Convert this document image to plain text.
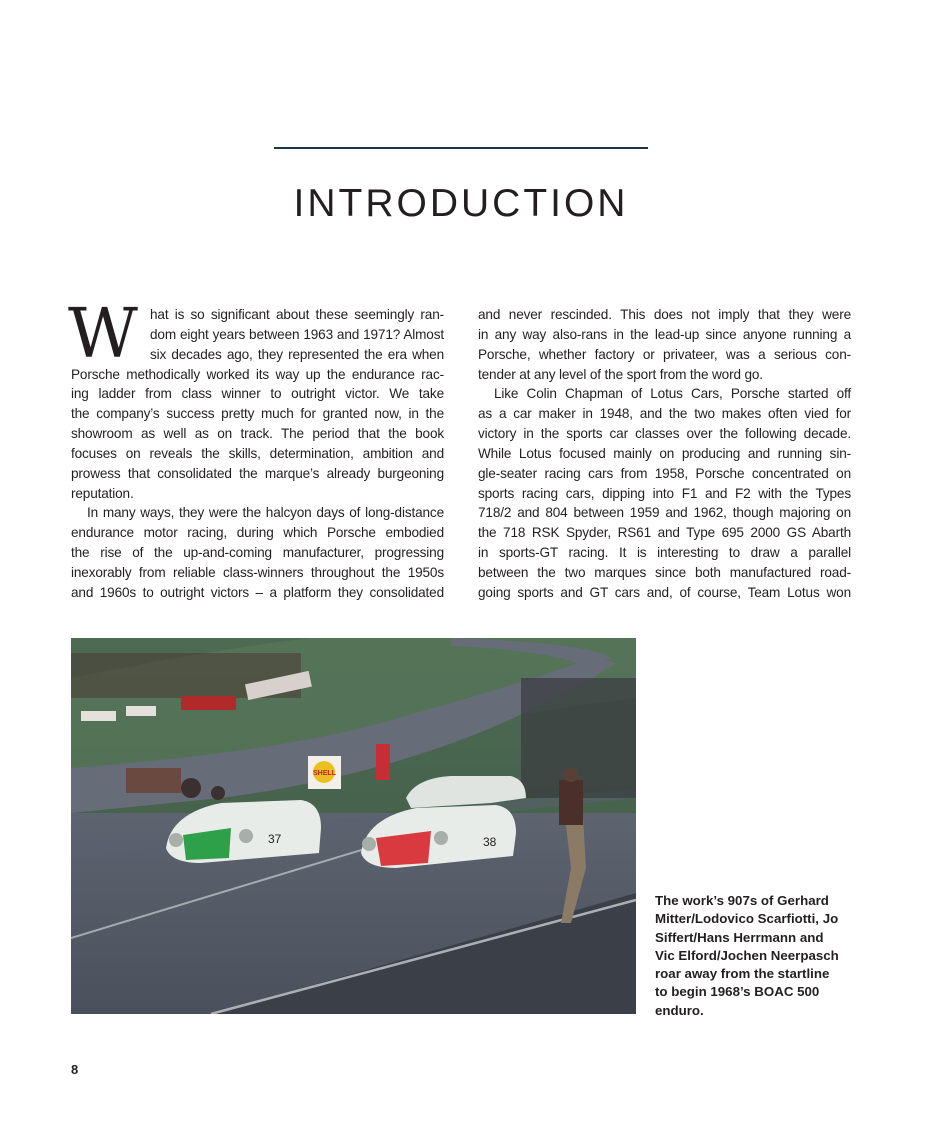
INTRODUCTION
W hat is so significant about these seemingly ran-
dom eight years between 1963 and 1971? Almost
six decades ago, they represented the era when
Porsche methodically worked its way up the endurance rac-
ing ladder from class winner to outright victor. We take
the company’s success pretty much for granted now, in the
showroom as well as on track. The period that the book
focuses on reveals the skills, determination, ambition and
prowess that consolidated the marque’s already burgeoning
reputation.
In many ways, they were the halcyon days of long-distance
endurance motor racing, during which Porsche embodied
the rise of the up-and-coming manufacturer, progressing
inexorably from reliable class-winners throughout the 1950s
and 1960s to outright victors – a platform they consolidated
and never rescinded. This does not imply that they were
in any way also-rans in the lead-up since anyone running a
Porsche, whether factory or privateer, was a serious con-
tender at any level of the sport from the word go.
Like Colin Chapman of Lotus Cars, Porsche started off
as a car maker in 1948, and the two makes often vied for
victory in the sports car classes over the following decade.
While Lotus focused mainly on producing and running sin-
gle-seater racing cars from 1958, Porsche concentrated on
sports racing cars, dipping into F1 and F2 with the Types
718/2 and 804 between 1959 and 1962, though majoring on
the 718 RSK Spyder, RS61 and Type 695 2000 GS Abarth
in sports-GT racing. It is interesting to draw a parallel
between the two marques since both manufactured road-
going sports and GT cars and, of course, Team Lotus won
SHELL
37	38
The work’s 907s of Gerhard
Mitter/Lodovico Scarfiotti, Jo
Siffert/Hans Herrmann and
Vic Elford/Jochen Neerpasch
roar away from the startline
to begin 1968’s BOAC 500
enduro.
8
